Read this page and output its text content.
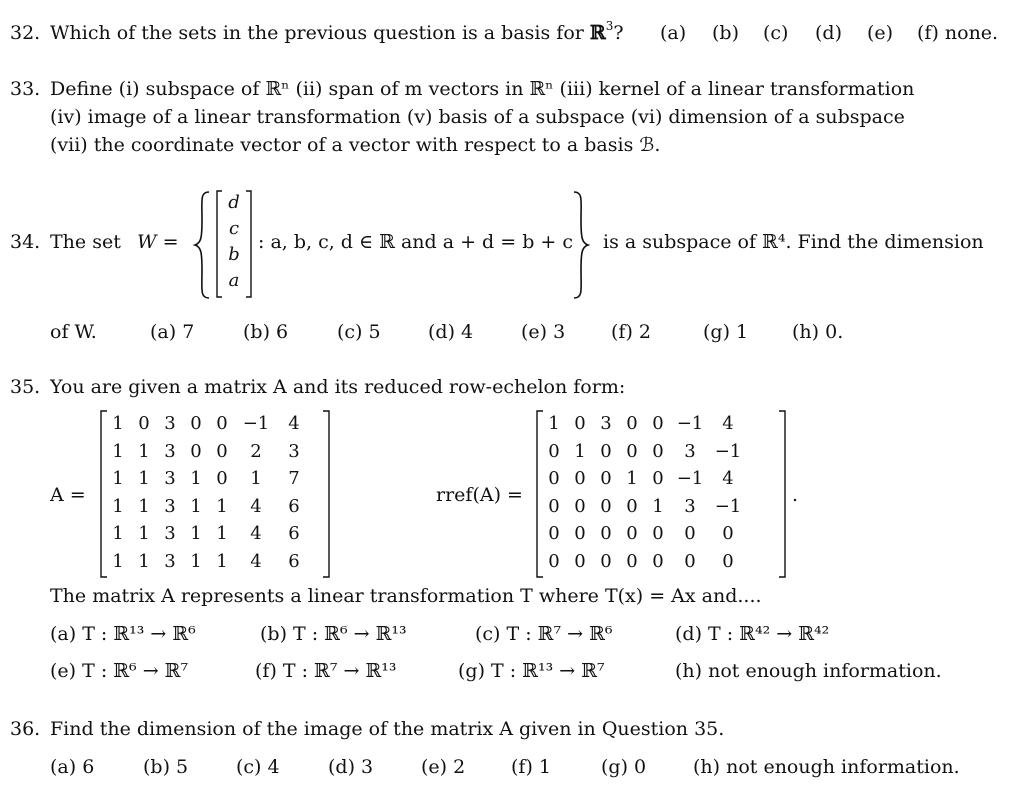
32. Which of the sets in the previous question is a basis for ℝ$^3$? (a) (b) (c) (d) (e) (f) none.
33. Define (i) subspace of ℝⁿ (ii) span of m vectors in ℝⁿ (iii) kernel of a linear transformation
(iv) image of a linear transformation (v) basis of a subspace (vi) dimension of a subspace
(vii) the coordinate vector of a vector with respect to a basis ℬ.
34. The set W =
d
c
b
a
: a, b, c, d ∈ ℝ and a + d = b + c is a subspace of ℝ⁴. Find the dimension
of W.	(a) 7	(b) 6	(c) 5 (d) 4	(e) 3 (f) 2	(g) 1 (h) 0.
35. You are given a matrix A and its reduced row-echelon form:
A =
1 0 3 0 0 −1	4
1 1 3 0 0	2	3
1 1 3 1 0	1	7
1 1 3 1 1	4	6
1 1 3 1 1	4	6
1 1 3 1 1	4	6
rref(A) =
1 0 3 0 0 −1	4
0 1 0 0 0	3	−1
0 0 0 1 0 −1	4
0 0 0 0 1	3	−1
0 0 0 0 0	0	0
0 0 0 0 0	0	0
.
The matrix A represents a linear transformation T where T(x) = Ax and....
(a) T : ℝ¹³ → ℝ⁶	(b) T : ℝ⁶ → ℝ¹³	(c) T : ℝ⁷ → ℝ⁶	(d) T : ℝ⁴² → ℝ⁴²
(e) T : ℝ⁶ → ℝ⁷	(f) T : ℝ⁷ → ℝ¹³	(g) T : ℝ¹³ → ℝ⁷	(h) not enough information.
36. Find the dimension of the image of the matrix A given in Question 35.
(a) 6	(b) 5	(c) 4	(d) 3	(e) 2 (f) 1	(g) 0 (h) not enough information.
